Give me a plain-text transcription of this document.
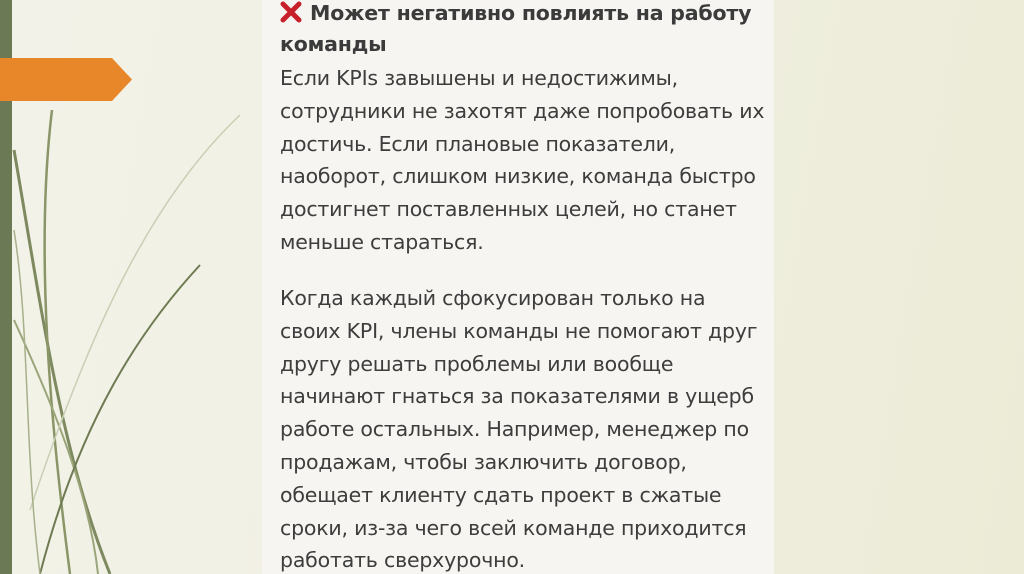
Может негативно повлиять на работу
команды
Если KPIs завышены и недостижимы,
сотрудники не захотят даже попробовать их
достичь. Если плановые показатели,
наоборот, слишком низкие, команда быстро
достигнет поставленных целей, но станет
меньше стараться.
Когда каждый сфокусирован только на
своих KPI, члены команды не помогают друг
другу решать проблемы или вообще
начинают гнаться за показателями в ущерб
работе остальных. Например, менеджер по
продажам, чтобы заключить договор,
обещает клиенту сдать проект в сжатые
сроки, из-за чего всей команде приходится
работать сверхурочно.
